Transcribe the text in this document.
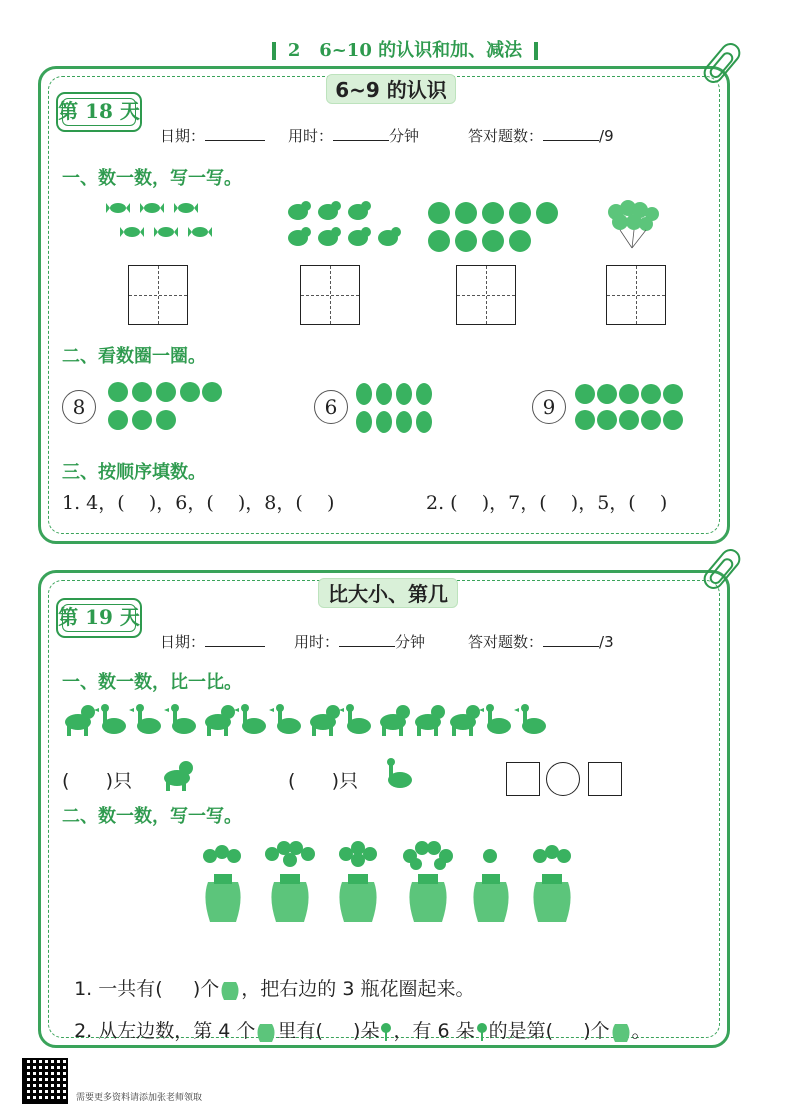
2 6~10 的认识和加、减法
6~9 的认识
第 18 天
日期：	用时：	分钟	答对题数：	/9
一、数一数，写一写。
二、看数圈一圈。
8	6	9
三、按顺序填数。
1. 4，(    )，6，(    )，8，(    )	2. (    )，7，(    )，5，(    )
比大小、第几
第 19 天
日期：	用时：	分钟	答对题数：	/3
一、数一数，比一比。
(      )只	(      )只
二、数一数，写一写。

1. 一共有(     )个 ，把右边的 3 瓶花圈起来。

2. 从左边数，第 4 个 里有(     )朵 ，有 6 朵 的是第(     )个 。

需要更多资料请添加张老师领取
